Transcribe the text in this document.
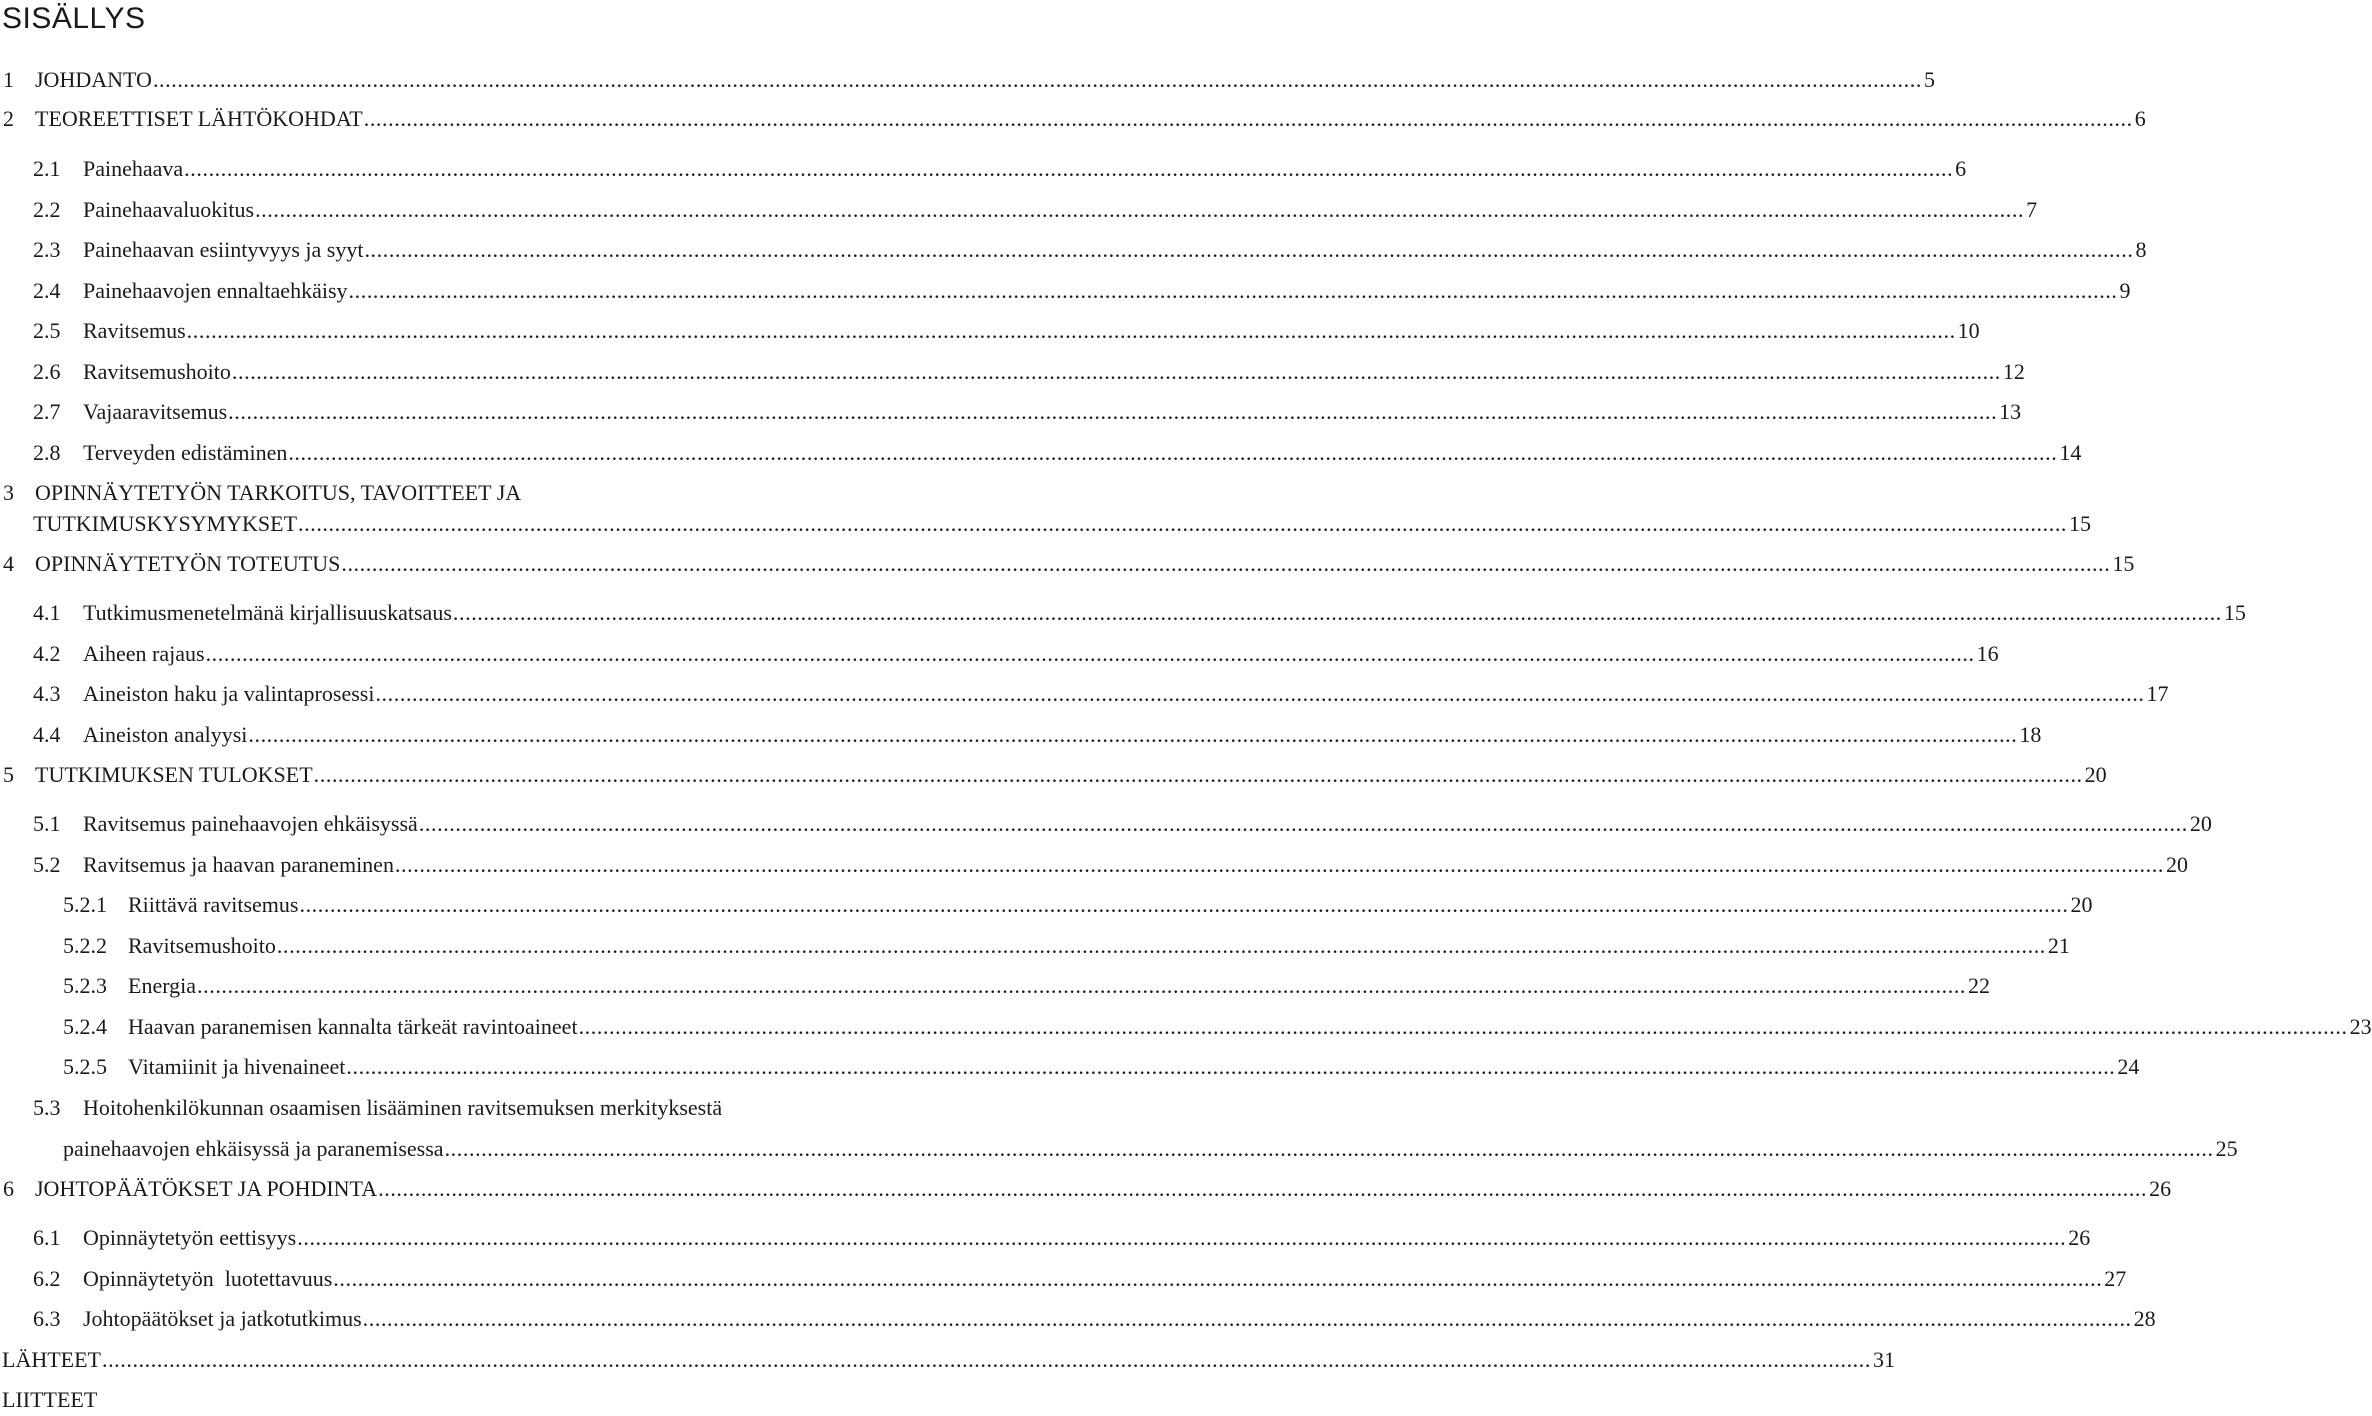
SISÄLLYS
1 JOHDANTO .....	5
2 TEOREETTISET LÄHTÖKOHDAT .....	6
2.1	Painehaava .....	6
2.2	Painehaavaluokitus .....	7
2.3	Painehaavan esiintyvyys ja syyt .....	8
2.4	Painehaavojen ennaltaehkäisy .....	9
2.5	Ravitsemus .....	10
2.6	Ravitsemushoito .....	12
2.7	Vajaaravitsemus .....	13
2.8	Terveyden edistäminen .....	14
3 OPINNÄYTETYÖN TARKOITUS, TAVOITTEET JA
TUTKIMUSKYSYMYKSET .....	15
4 OPINNÄYTETYÖN TOTEUTUS .....	15
4.1	Tutkimusmenetelmänä kirjallisuuskatsaus .....	15
4.2	Aiheen rajaus .....	16
4.3	Aineiston haku ja valintaprosessi .....	17
4.4	Aineiston analyysi .....	18
5 TUTKIMUKSEN TULOKSET .....	20
5.1	Ravitsemus painehaavojen ehkäisyssä .....	20
5.2	Ravitsemus ja haavan paraneminen .....	20
5.2.1 Riittävä ravitsemus .....	20
5.2.2 Ravitsemushoito .....	21
5.2.3 Energia .....	22
5.2.4 Haavan paranemisen kannalta tärkeät ravintoaineet .....	23
5.2.5 Vitamiinit ja hivenaineet .....	24
5.3	Hoitohenkilökunnan osaamisen lisääminen ravitsemuksen merkityksestä
painehaavojen ehkäisyssä ja paranemisessa .....	25
6 JOHTOPÄÄTÖKSET JA POHDINTA .....	26
6.1	Opinnäytetyön eettisyys .....	26
6.2	Opinnäytetyön  luotettavuus .....	27
6.3	Johtopäätökset ja jatkotutkimus .....	28
LÄHTEET .....	31
LIITTEET
